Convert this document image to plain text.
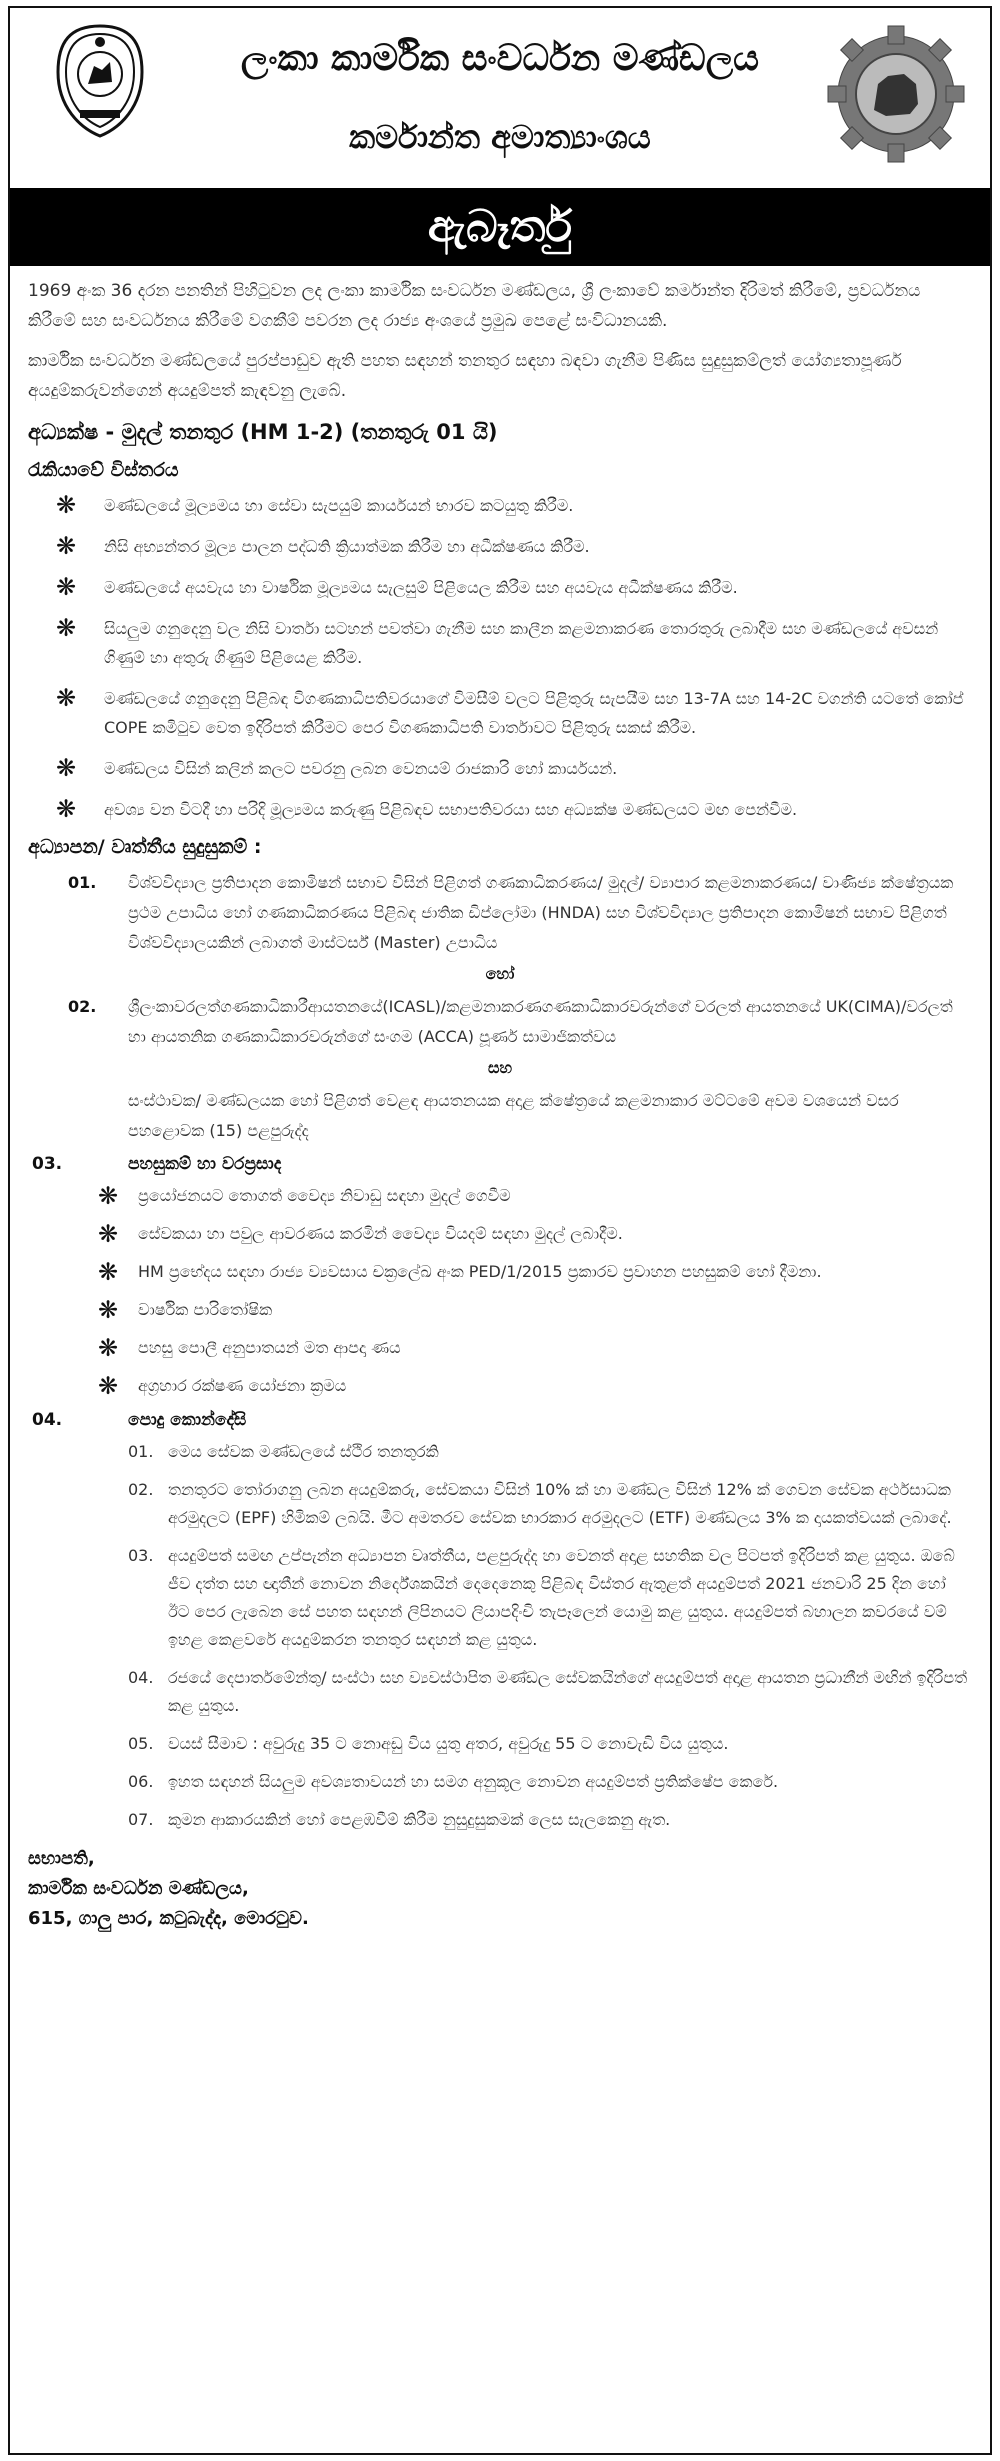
ලංකා කාර්මික සංවර්ධන මණ්ඩලය
කර්මාන්ත අමාත්‍යාංශය
ඇබෑර්තු

1969 අංක 36 දරන පනතින් පිහිටුවන ලද ලංකා කාර්මික සංවර්ධන මණ්ඩලය, ශ්‍රී ලංකාවේ කර්මාන්ත දිරිමත් කිරීමේ, ප්‍රවර්ධනය කිරීමේ සහ සංවර්ධනය කිරීමේ වගකීම් පවරන ලද රාජ්‍ය අංශයේ ප්‍රමුඛ පෙළේ සංවිධානයකි.

කාර්මික සංවර්ධන මණ්ඩලයේ පුරප්පාඩුව ඇති පහත සඳහන් තනතුර සඳහා බඳවා ගැනීම පිණිස සුදුසුකම්ලත් යෝග්‍යතාපූර්ණ අයදුම්කරුවන්ගෙන් අයදුම්පත් කැඳවනු ලැබේ.

අධ්‍යක්ෂ - මුදල් තනතුර (HM 1-2) (තනතුරු 01 යි)
රැකියාවේ විස්තරය
❋	මණ්ඩලයේ මූල්‍යමය හා සේවා සැපයුම් කාර්යයන් භාරව කටයුතු කිරීම.
❋	නිසි අභ්‍යන්තර මූල්‍ය පාලන පද්ධති ක්‍රියාත්මක කිරීම හා අධීක්ෂණය කිරීම.
❋	මණ්ඩලයේ අයවැය හා වාර්ෂික මූල්‍යමය සැලසුම් පිළියෙල කිරීම සහ අයවැය අධීක්ෂණය කිරීම.
❋	සියලුම ගනුදෙනු වල නිසි වාර්තා සටහන් පවත්වා ගැනීම සහ කාලීන කළමනාකරණ තොරතුරු ලබාදීම සහ මණ්ඩලයේ අවසන් ගිණුම් හා අතුරු ගිණුම් පිළියෙළ කිරීම.
❋	මණ්ඩලයේ ගනුදෙනු පිළිබඳ විගණකාධිපතිවරයාගේ විමසීම් වලට පිළිතුරු සැපයීම සහ 13-7A සහ 14-2C වගන්ති යටතේ කෝප් COPE කමිටුව වෙත ඉදිරිපත් කිරීමට පෙර විගණකාධිපති වාර්තාවට පිළිතුරු සකස් කිරීම.
❋	මණ්ඩලය විසින් කලින් කලට පවරනු ලබන වෙනයම් රාජකාරි හෝ කාර්යයන්.
❋	අවශ්‍ය වන විටදී හා පරිදි මූල්‍යමය කරුණු පිළිබඳව සභාපතිවරයා සහ අධ්‍යක්ෂ මණ්ඩලයට මඟ පෙන්වීම.
අධ්‍යාපන/ වෘත්තීය සුදුසුකම් :
01.	විශ්වවිද්‍යාල ප්‍රතිපාදන කොමිෂන් සභාව විසින් පිළිගත් ගණකාධිකරණය/ මුදල්/ ව්‍යාපාර කළමනාකරණය/ වාණිජ්‍ය ක්ෂේත්‍රයක ප්‍රථම උපාධිය හෝ ගණකාධිකරණය පිළිබඳ ජාතික ඩිප්ලෝමා (HNDA) සහ විශ්වවිද්‍යාල ප්‍රතිපාදන කොමිෂන් සභාව පිළිගත් විශ්වවිද්‍යාලයකින් ලබාගත් මාස්ටර්ස් (Master) උපාධිය
හෝ
02.	ශ්‍රීලංකාවරලත්ගණකාධිකාරීආයතනයේ(ICASL)/කළමනාකරණගණකාධිකාරවරුන්ගේ වරලත් ආයතනයේ UK(CIMA)/වරලත් හා ආයතනික ගණකාධිකාරවරුන්ගේ සංගම (ACCA) පූර්ණ සාමාජිකත්වය
සහ
සංස්ථාවක/ මණ්ඩලයක හෝ පිළිගත් වෙළඳ ආයතනයක අදාළ ක්ෂේත්‍රයේ කළමනාකාර මට්ටමේ අවම වශයෙන් වසර පහළොවක (15) පළපුරුද්ද
03.	පහසුකම් හා වරප්‍රසාද
❋	ප්‍රයෝජනයට තොගත් වෛද්‍ය නිවාඩු සඳහා මුදල් ගෙවීම
❋	සේවකයා හා පවුල ආවරණය කරමින් වෛද්‍ය වියදම් සඳහා මුදල් ලබාදීම.
❋	HM ප්‍රභේදය සඳහා රාජ්‍ය ව්‍යවසාය චක්‍රලේඛ අංක PED/1/2015 ප්‍රකාරව ප්‍රවාහන පහසුකම් හෝ දීමනා.
❋	වාර්ෂික පාරිතෝෂික
❋	පහසු පොලී අනුපාතයන් මත ආපදා ණය
❋	අග්‍රහාර රක්ෂණ යෝජනා ක්‍රමය
04.	පොදු කොන්දේසි
01. මෙය සේවක මණ්ඩලයේ ස්ථිර තනතුරකි
02. තනතුරට තෝරාගනු ලබන අයදුම්කරු, සේවකයා විසින් 10% ක් හා මණ්ඩල විසින් 12% ක් ගෙවන සේවක අර්ථසාධක අරමුදලට (EPF) හිමිකම් ලබයි. මීට අමතරව සේවක භාරකාර අරමුදලට (ETF) මණ්ඩලය 3% ක දායකත්වයක් ලබාදේ.
03. අයදුම්පත් සමඟ උප්පැන්න අධ්‍යාපන වෘත්තීය, පළපුරුද්ද හා වෙනත් අදාළ සහතික වල පිටපත් ඉදිරිපත් කළ යුතුය. ඔබේ ජීව දත්ත සහ ඥාතීන් නොවන නිර්දේශකයින් දෙදෙනෙකු පිළිබඳ විස්තර ඇතුළත් අයදුම්පත් 2021 ජනවාරි 25 දින හෝ ඊට පෙර ලැබෙන සේ පහත සඳහන් ලිපිනයට ලියාපදිංචි තැපෑලෙන් යොමු කළ යුතුය. අයදුම්පත් බහාලන කවරයේ වම් ඉහළ කෙළවරේ අයදුම්කරන තනතුර සඳහන් කළ යුතුය.
04. රජයේ දෙපාර්තමේන්තු/ සංස්ථා සහ ව්‍යවස්ථාපිත මණ්ඩල සේවකයින්ගේ අයදුම්පත් අදාළ ආයතන ප්‍රධානීන් මඟින් ඉදිරිපත් කළ යුතුය.
05. වයස් සීමාව : අවුරුදු 35 ට නොඅඩු විය යුතු අතර, අවුරුදු 55 ට නොවැඩි විය යුතුය.
06. ඉහත සඳහන් සියලුම අවශ්‍යතාවයන් හා සමග අනුකූල නොවන අයදුම්පත් ප්‍රතික්ෂේප කෙරේ.
07. කුමන ආකාරයකින් හෝ පෙළඹවීම් කිරීම නුසුදුසුකමක් ලෙස සැලකෙනු ඇත.
සභාපති,
කාර්මික සංවර්ධන මණ්ඩලය,
615, ගාලු පාර, කටුබැද්ද, මොරටුව.
